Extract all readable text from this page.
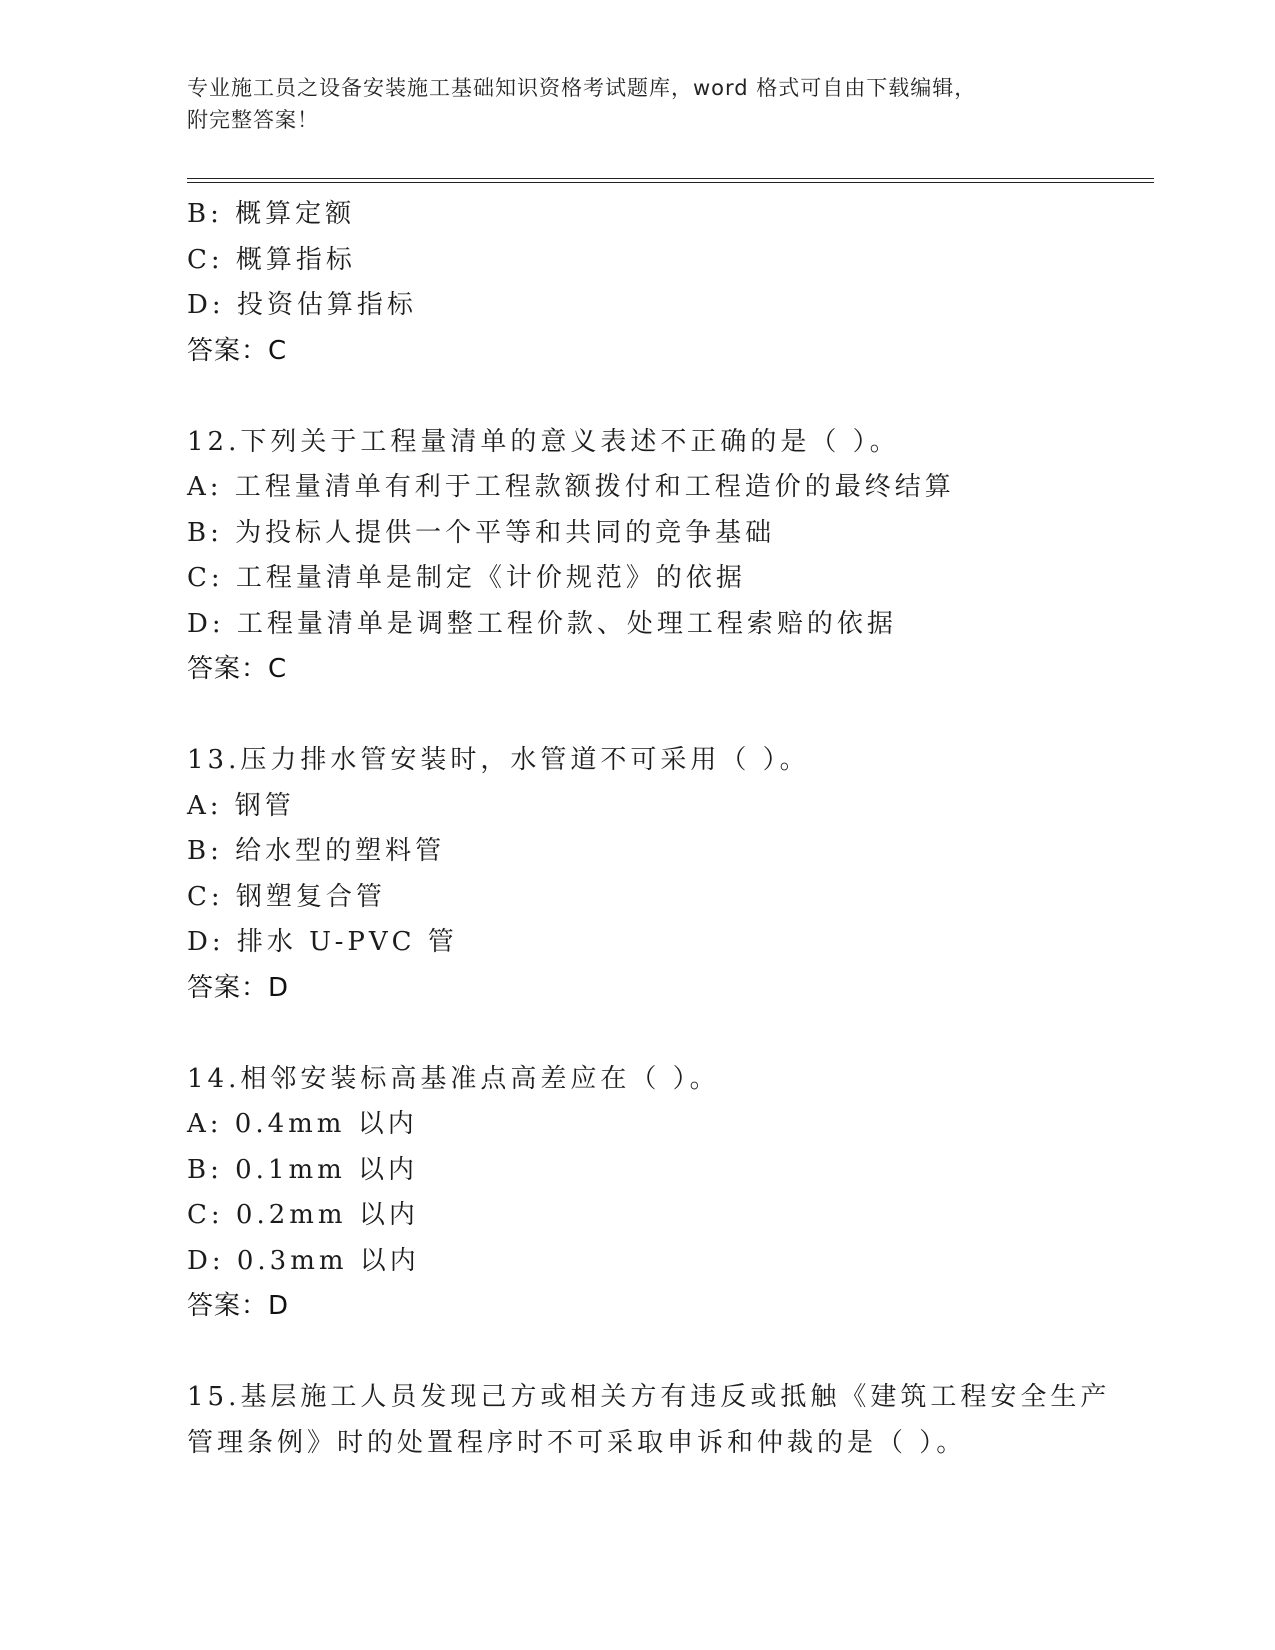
专业施工员之设备安装施工基础知识资格考试题库，word 格式可自由下载编辑，
附完整答案！
B: 概算定额
C: 概算指标
D: 投资估算指标
答案：C
12.下列关于工程量清单的意义表述不正确的是（ ）。
A: 工程量清单有利于工程款额拨付和工程造价的最终结算
B: 为投标人提供一个平等和共同的竞争基础
C: 工程量清单是制定《计价规范》的依据
D: 工程量清单是调整工程价款、处理工程索赔的依据
答案：C
13.压力排水管安装时，水管道不可采用（ ）。
A: 钢管
B: 给水型的塑料管
C: 钢塑复合管
D: 排水 U-PVC 管
答案：D
14.相邻安装标高基准点高差应在（ ）。
A: 0.4mm 以内
B: 0.1mm 以内
C: 0.2mm 以内
D: 0.3mm 以内
答案：D
15.基层施工人员发现己方或相关方有违反或抵触《建筑工程安全生产
管理条例》时的处置程序时不可采取申诉和仲裁的是（ ）。
